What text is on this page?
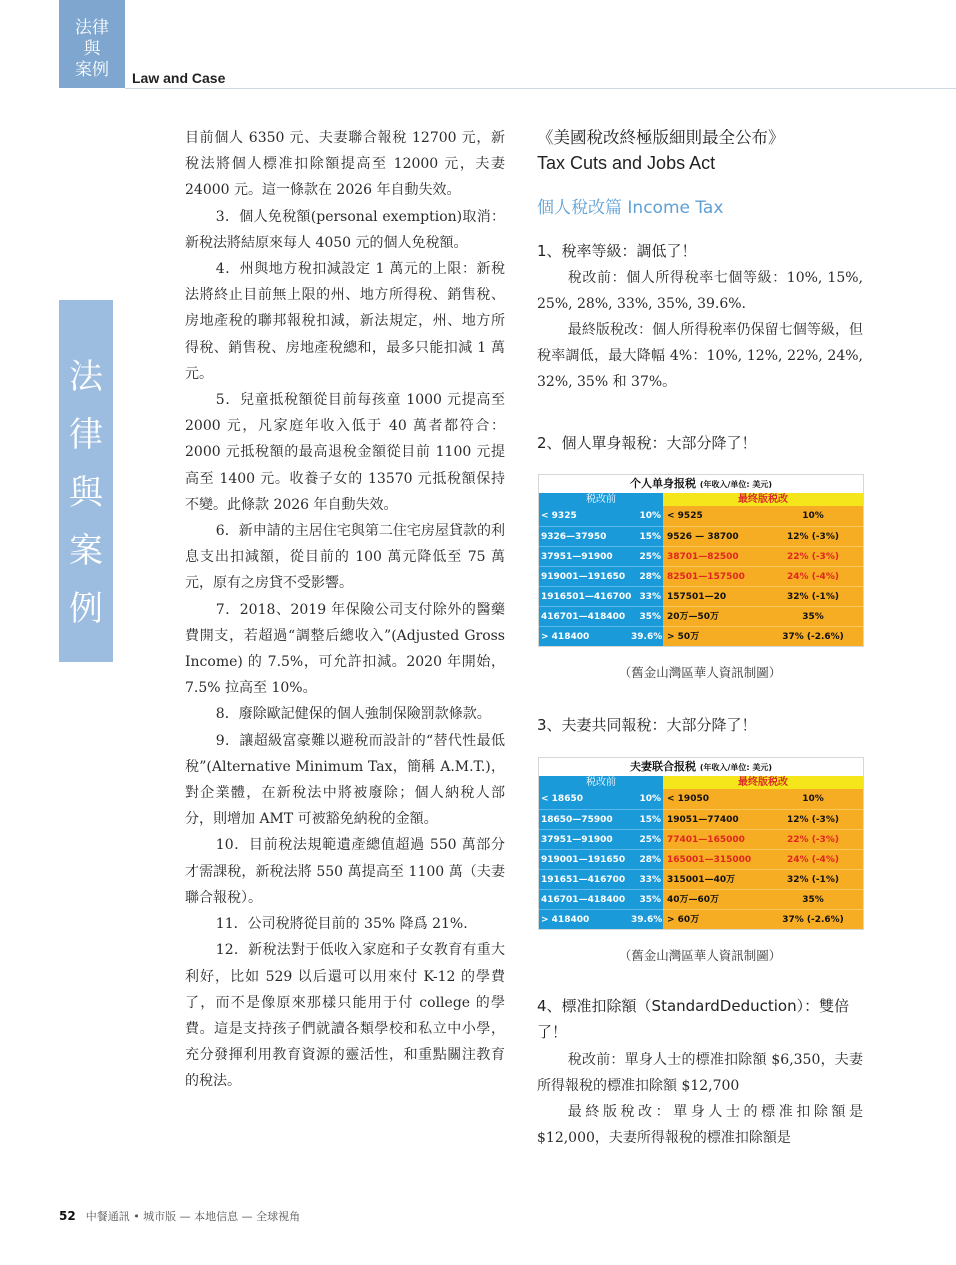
法律
與
案例	Law and Case
法
律
與
案
例

目前個人 6350 元、夫妻聯合報稅 12700 元，新稅法將個人標准扣除額提高至 12000 元，夫妻 24000 元。這一條款在 2026 年自動失效。

3．個人免稅額(personal exemption)取消：新稅法將結原來每人 4050 元的個人免稅額。

4．州與地方稅扣減設定 1 萬元的上限：新稅法將終止目前無上限的州、地方所得稅、銷售稅、房地產稅的聯邦報稅扣減，新法規定，州、地方所得稅、銷售稅、房地產稅總和，最多只能扣減 1 萬元。

5．兒童抵稅額從目前每孩童 1000 元提高至 2000 元，凡家庭年收入低于 40 萬者都符合：2000 元抵稅額的最高退稅金額從目前 1100 元提高至 1400 元。收養子女的 13570 元抵稅額保持不變。此條款 2026 年自動失效。

6．新申請的主居住宅與第二住宅房屋貸款的利息支出扣減額，從目前的 100 萬元降低至 75 萬元，原有之房貸不受影響。

7．2018、2019 年保險公司支付除外的醫藥費開支，若超過“調整后總收入”(Adjusted Gross Income) 的 7.5%，可允許扣減。2020 年開始，7.5% 拉高至 10%。

8．廢除歐記健保的個人強制保險罰款條款。

9．讓超級富豪難以避稅而設計的“替代性最低稅”(Alternative Minimum Tax，簡稱 A.M.T.)，對企業體，在新稅法中將被廢除；個人納稅人部分，則增加 AMT 可被豁免納稅的金額。

10．目前稅法規範遺產總值超過 550 萬部分才需課稅，新稅法將 550 萬提高至 1100 萬（夫妻聯合報稅）。

11．公司稅將從目前的 35% 降爲 21%.

12．新稅法對于低收入家庭和子女教育有重大利好，比如 529 以后還可以用來付 K-12 的學費了，而不是像原來那樣只能用于付 college 的學費。這是支持孩子們就讀各類學校和私立中小學，充分發揮利用教育資源的靈活性，和重點關注教育的稅法。

《美國稅改終極版細則最全公布》
Tax Cuts and Jobs Act
個人稅改篇 Income Tax
1、稅率等級：調低了！

稅改前：個人所得稅率七個等級：10%, 15%, 25%, 28%, 33%, 35%, 39.6%.

最終版稅改：個人所得稅率仍保留七個等級，但稅率調低，最大降幅 4%：10%, 12%, 22%, 24%, 32%, 35% 和 37%。

2、個人單身報稅：大部分降了！
个人单身报税 (年收入/单位: 美元)
税改前	最终版税改
< 9325	10% < 9525	10%
9326—37950	15% 9526 — 38700	12% (-3%)
37951—91900	25% 38701—82500	22% (-3%)
919001—191650	28% 82501—157500	24% (-4%)
1916501—416700 33% 157501—20	32% (-1%)
416701—418400	35% 20万—50万	35%
> 418400	39.6% > 50万	37% (-2.6%)
（舊金山灣區華人資訊制圖）
3、夫妻共同報稅：大部分降了！
夫妻联合报税 (年收入/单位: 美元)
税改前	最终版税改
< 18650	10% < 19050	10%
18650—75900	15% 19051—77400	12% (-3%)
37951—91900	25% 77401—165000	22% (-3%)
919001—191650	28% 165001—315000	24% (-4%)
191651—416700	33% 315001—40万	32% (-1%)
416701—418400	35% 40万—60万	35%
> 418400	39.6% > 60万	37% (-2.6%)
（舊金山灣區華人資訊制圖）
4、標准扣除額（StandardDeduction）：雙倍了！

稅改前：單身人士的標准扣除額 $6,350，夫妻所得報稅的標准扣除額 $12,700

最終版稅改：單身人士的標准扣除額是 $12,000，夫妻所得報稅的標准扣除額是

52 中餐通訊 • 城市版 — 本地信息 — 全球視角
